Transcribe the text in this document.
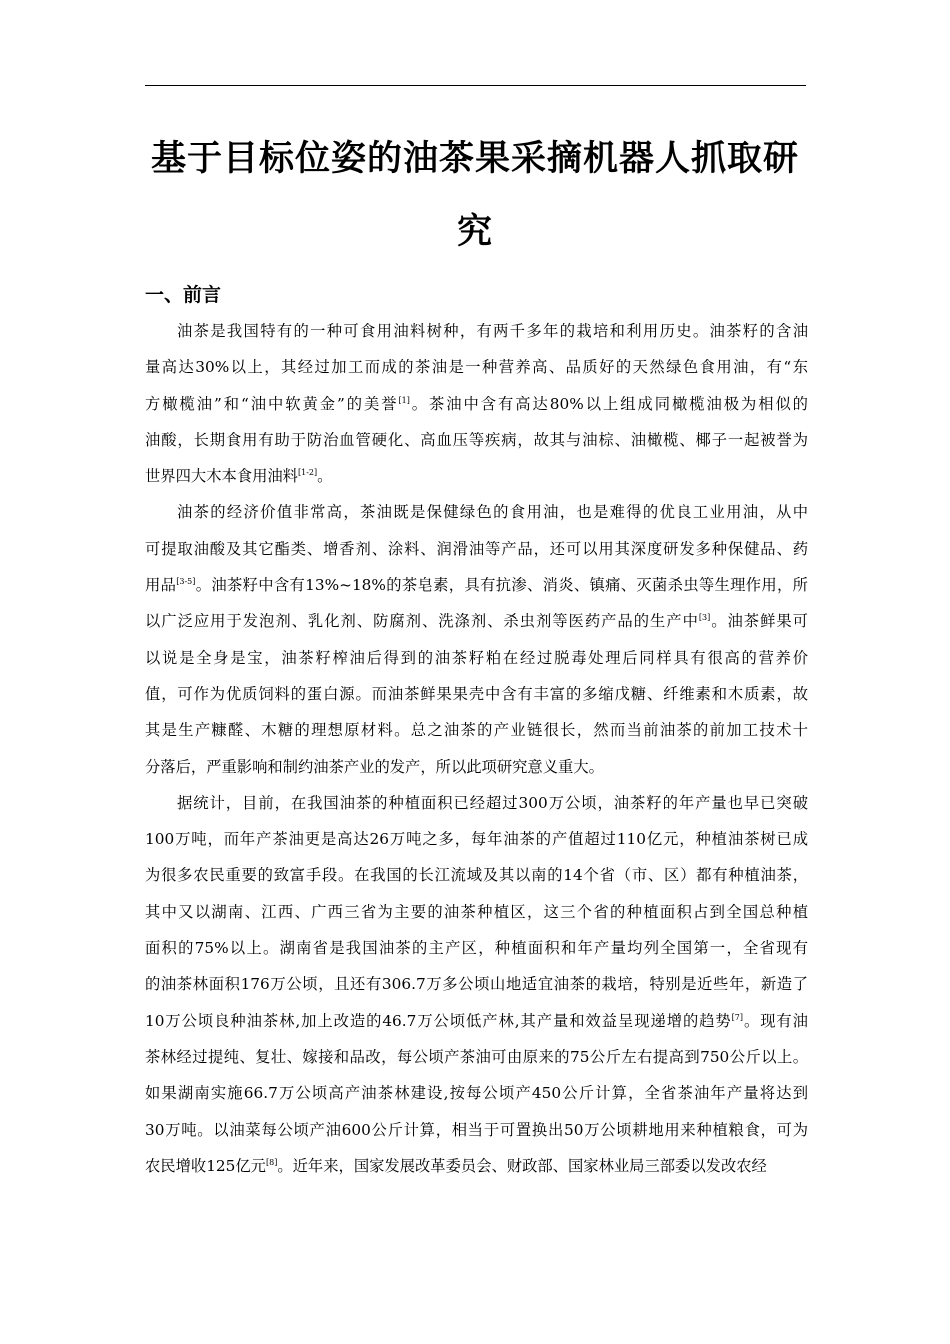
基于目标位姿的油茶果采摘机器人抓取研
究
一、前言
油茶是我国特有的一种可食用油料树种，有两千多年的栽培和利用历史。油茶籽的含油
量高达30%以上，其经过加工而成的茶油是一种营养高、品质好的天然绿色食用油，有“东
方橄榄油”和“油中软黄金”的美誉[1]。茶油中含有高达80%以上组成同橄榄油极为相似的
油酸，长期食用有助于防治血管硬化、高血压等疾病，故其与油棕、油橄榄、椰子一起被誉为
世界四大木本食用油料[1-2]。
油茶的经济价值非常高，茶油既是保健绿色的食用油，也是难得的优良工业用油，从中
可提取油酸及其它酯类、增香剂、涂料、润滑油等产品，还可以用其深度研发多种保健品、药
用品[3-5]。油茶籽中含有13%~18%的茶皂素，具有抗渗、消炎、镇痛、灭菌杀虫等生理作用，所
以广泛应用于发泡剂、乳化剂、防腐剂、洗涤剂、杀虫剂等医药产品的生产中[3]。油茶鲜果可
以说是全身是宝，油茶籽榨油后得到的油茶籽粕在经过脱毒处理后同样具有很高的营养价
值，可作为优质饲料的蛋白源。而油茶鲜果果壳中含有丰富的多缩戊糖、纤维素和木质素，故
其是生产糠醛、木糖的理想原材料。总之油茶的产业链很长，然而当前油茶的前加工技术十
分落后，严重影响和制约油茶产业的发产，所以此项研究意义重大。
据统计，目前，在我国油茶的种植面积已经超过300万公顷，油茶籽的年产量也早已突破
100万吨，而年产茶油更是高达26万吨之多，每年油茶的产值超过110亿元，种植油茶树已成
为很多农民重要的致富手段。在我国的长江流域及其以南的14个省（市、区）都有种植油茶，
其中又以湖南、江西、广西三省为主要的油茶种植区，这三个省的种植面积占到全国总种植
面积的75%以上。湖南省是我国油茶的主产区，种植面积和年产量均列全国第一，全省现有
的油茶林面积176万公顷，且还有306.7万多公顷山地适宜油茶的栽培，特别是近些年，新造了
10万公顷良种油茶林,加上改造的46.7万公顷低产林,其产量和效益呈现递增的趋势[7]。现有油
茶林经过提纯、复壮、嫁接和品改，每公顷产茶油可由原来的75公斤左右提高到750公斤以上。
如果湖南实施66.7万公顷高产油茶林建设,按每公顷产450公斤计算，全省茶油年产量将达到
30万吨。以油菜每公顷产油600公斤计算，相当于可置换出50万公顷耕地用来种植粮食，可为
农民增收125亿元[8]。近年来，国家发展改革委员会、财政部、国家林业局三部委以发改农经
